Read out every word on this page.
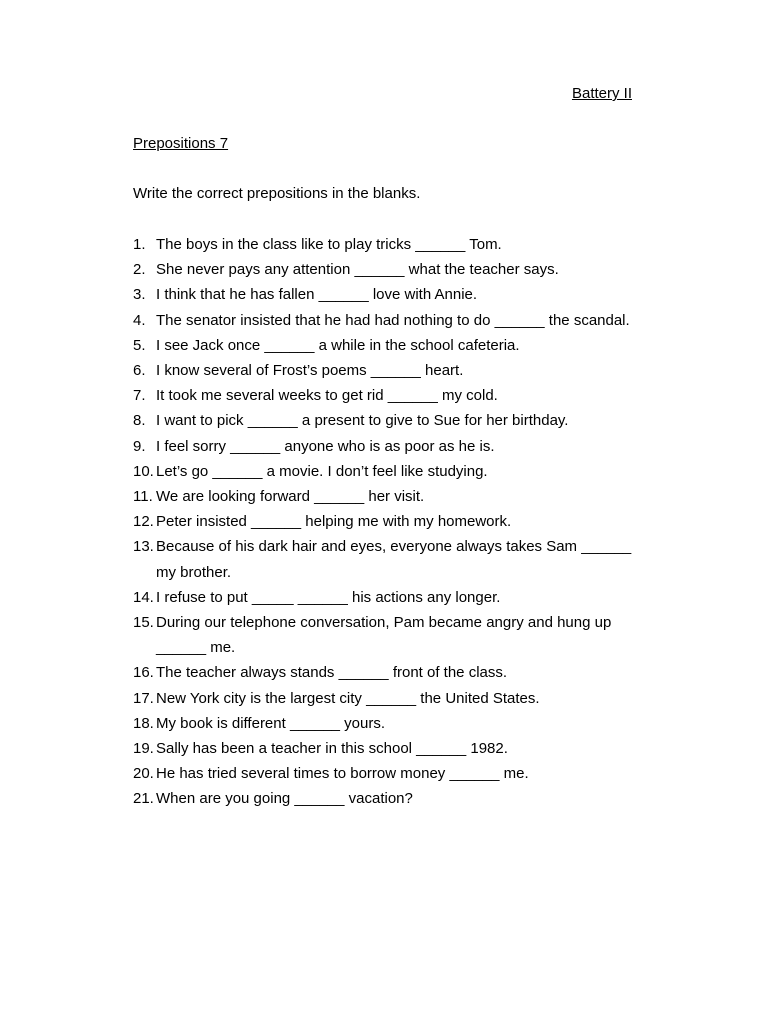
Battery II
Prepositions 7
Write the correct prepositions in the blanks.
1. The boys in the class like to play tricks ______ Tom.
2. She never pays any attention ______ what the teacher says.
3. I think that he has fallen ______ love with Annie.
4. The senator insisted that he had had nothing to do ______ the scandal.
5. I see Jack once ______ a while in the school cafeteria.
6. I know several of Frost’s poems ______ heart.
7. It took me several weeks to get rid ______ my cold.
8. I want to pick ______ a present to give to Sue for her birthday.
9. I feel sorry ______ anyone who is as poor as he is.
10. Let’s go ______ a movie. I don’t feel like studying.
11. We are looking forward ______ her visit.
12. Peter insisted ______ helping me with my homework.
13. Because of his dark hair and eyes, everyone always takes Sam ______ my brother.
14. I refuse to put _____ ______ his actions any longer.
15. During our telephone conversation, Pam became angry and hung up ______ me.
16. The teacher always stands ______ front of the class.
17. New York city is the largest city ______ the United States.
18. My book is different ______ yours.
19. Sally has been a teacher in this school ______ 1982.
20. He has tried several times to borrow money ______ me.
21. When are you going ______ vacation?
